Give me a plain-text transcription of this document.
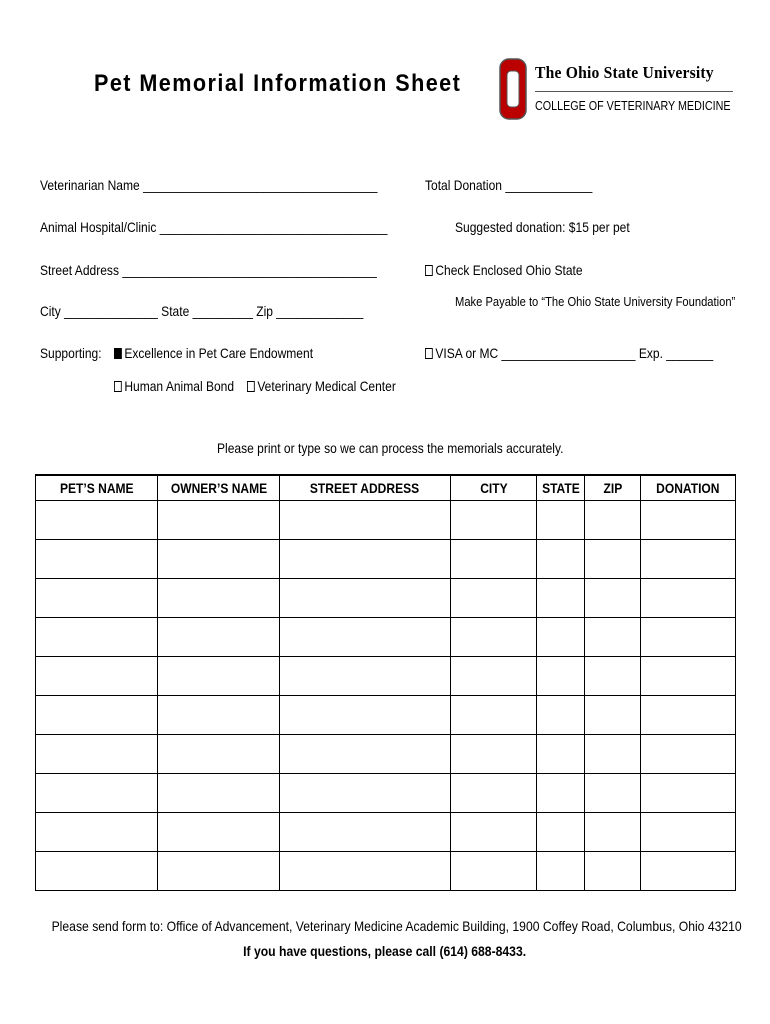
Pet Memorial Information Sheet	The Ohio State University
COLLEGE OF VETERINARY MEDICINE
Veterinarian Name ___________________________________
Animal Hospital/Clinic __________________________________
Street Address ______________________________________
City ______________ State _________ Zip _____________
Supporting:	Excellence in Pet Care Endowment
Human Animal Bond	Veterinary Medical Center
Total Donation _____________
Suggested donation: $15 per pet
Check Enclosed Ohio State
Make Payable to “The Ohio State University Foundation”
VISA or MC ____________________ Exp. _______
Please print or type so we can process the memorials accurately.
PET’S NAME	OWNER’S NAME	STREET ADDRESS	CITY	STATE	ZIP	DONATION

Please send form to: Office of Advancement, Veterinary Medicine Academic Building, 1900 Coffey Road, Columbus, Ohio 43210
If you have questions, please call (614) 688-8433.
